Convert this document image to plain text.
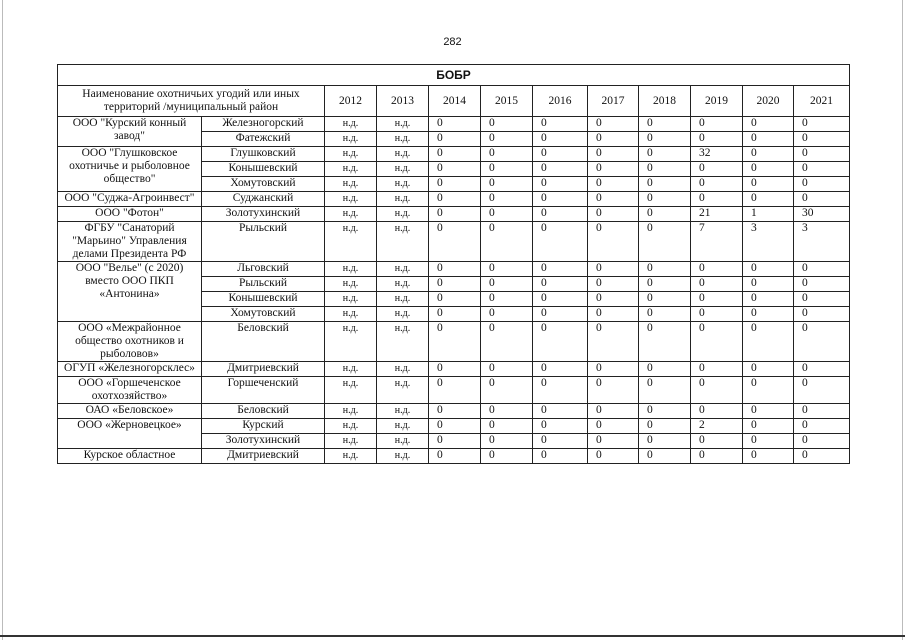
282
БОБР											
Наименование охотничьих угодий или иных территорий /муниципальный район		2012	2013	2014	2015	2016	2017	2018	2019	2020	2021
ООО "Курский конный завод"	Железногорский	н.д.	н.д.	0	0	0	0	0	0	0	0
	Фатежский	н.д.	н.д.	0	0	0	0	0	0	0	0
ООО "Глушковское охотничье и рыболовное общество"	Глушковский	н.д.	н.д.	0	0	0	0	0	32	0	0
	Конышевский	н.д.	н.д.	0	0	0	0	0	0	0	0
	Хомутовский	н.д.	н.д.	0	0	0	0	0	0	0	0
ООО "Суджа-Агроинвест"	Суджанский	н.д.	н.д.	0	0	0	0	0	0	0	0
ООО "Фотон"	Золотухинский	н.д.	н.д.	0	0	0	0	0	21	1	30
ФГБУ "Санаторий "Марьино" Управления делами Президента РФ	Рыльский	н.д.	н.д.	0	0	0	0	0	7	3	3
ООО "Велье" (с 2020) вместо ООО ПКП «Антонина»	Льговский	н.д.	н.д.	0	0	0	0	0	0	0	0
	Рыльский	н.д.	н.д.	0	0	0	0	0	0	0	0
	Конышевский	н.д.	н.д.	0	0	0	0	0	0	0	0
	Хомутовский	н.д.	н.д.	0	0	0	0	0	0	0	0
ООО «Межрайонное общество охотников и рыболовов»	Беловский	н.д.	н.д.	0	0	0	0	0	0	0	0
ОГУП «Железногорсклес»	Дмитриевский	н.д.	н.д.	0	0	0	0	0	0	0	0
ООО «Горшеченское охотхозяйство»	Горшеченский	н.д.	н.д.	0	0	0	0	0	0	0	0
ОАО «Беловское»	Беловский	н.д.	н.д.	0	0	0	0	0	0	0	0
ООО «Жерновецкое»	Курский	н.д.	н.д.	0	0	0	0	0	2	0	0
	Золотухинский	н.д.	н.д.	0	0	0	0	0	0	0	0
Курское областное	Дмитриевский	н.д.	н.д.	0	0	0	0	0	0	0	0
